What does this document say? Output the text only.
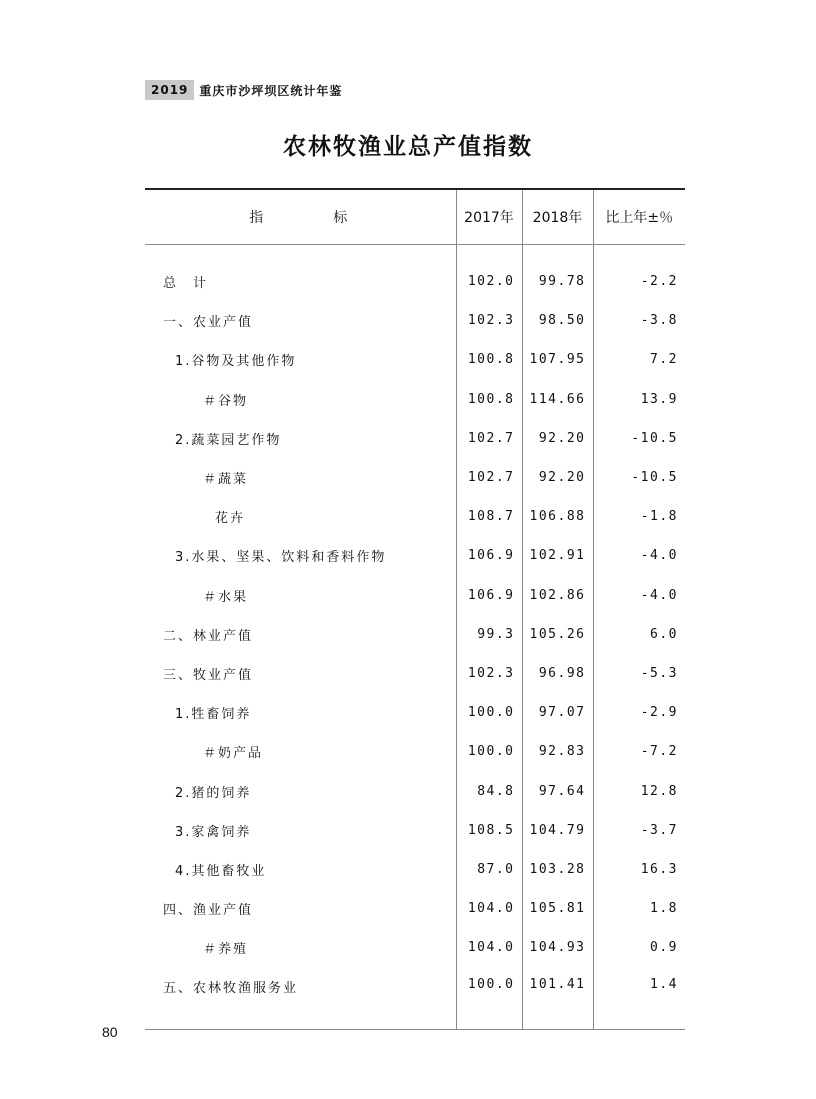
2019 重庆市沙坪坝区统计年鉴
农林牧渔业总产值指数
指　标	2017年	2018年	比上年±％

总　计	102.0	99.78	-2.2
一、农业产值	102.3	98.50	-3.8
1.谷物及其他作物	100.8	107.95	7.2
＃谷物	100.8	114.66	13.9
2.蔬菜园艺作物	102.7	92.20	-10.5
＃蔬菜	102.7	92.20	-10.5
花卉	108.7	106.88	-1.8
3.水果、坚果、饮料和香料作物	106.9	102.91	-4.0
＃水果	106.9	102.86	-4.0
二、林业产值	99.3	105.26	6.0
三、牧业产值	102.3	96.98	-5.3
1.牲畜饲养	100.0	97.07	-2.9
＃奶产品	100.0	92.83	-7.2
2.猪的饲养	84.8	97.64	12.8
3.家禽饲养	108.5	104.79	-3.7
4.其他畜牧业	87.0	103.28	16.3
四、渔业产值	104.0	105.81	1.8
＃养殖	104.0	104.93	0.9
五、农林牧渔服务业	100.0	101.41	1.4
80
